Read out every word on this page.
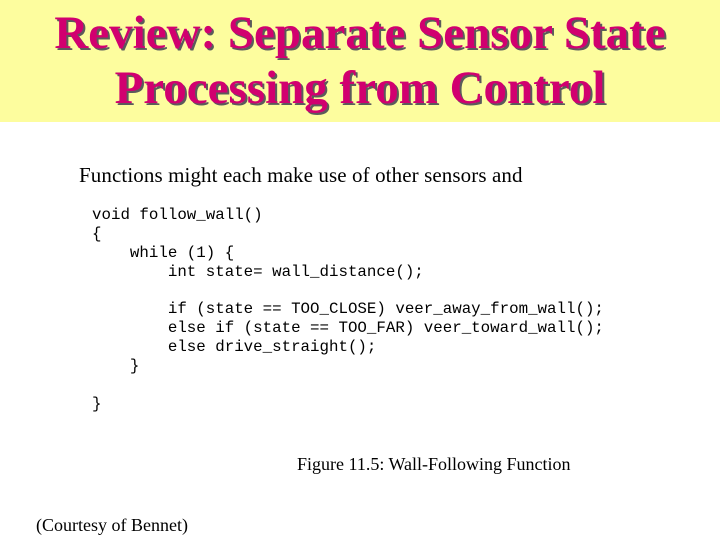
Review: Separate Sensor State
Processing from Control

Functions might each make use of other sensors and

void follow_wall()
{
while (1) {
int state= wall_distance();
if (state == TOO_CLOSE) veer_away_from_wall();
else if (state == TOO_FAR) veer_toward_wall();
else drive_straight();
}
}

Figure 11.5: Wall-Following Function

(Courtesy of Bennet)
